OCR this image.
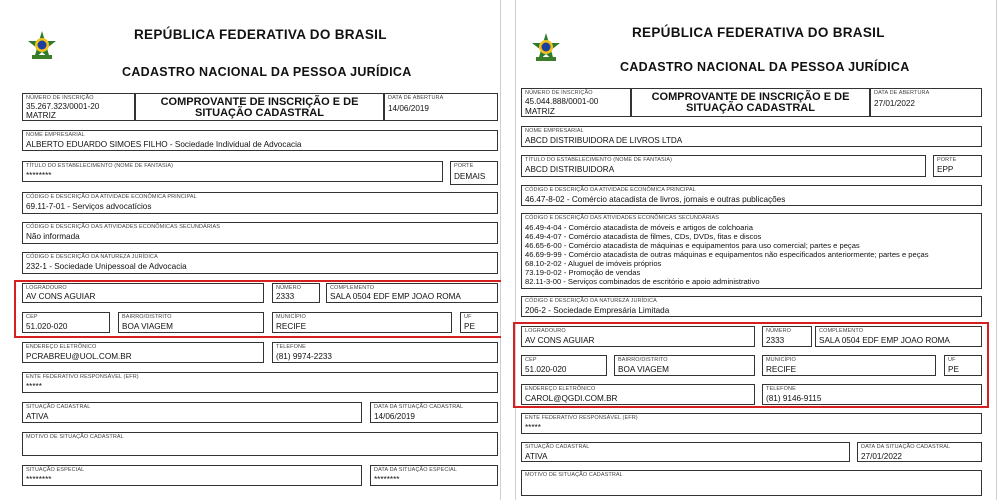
REPÚBLICA FEDERATIVA DO BRASIL
CADASTRO NACIONAL DA PESSOA JURÍDICA
NÚMERO DE INSCRIÇÃO
35.267.323/0001-20
MATRIZ
COMPROVANTE DE INSCRIÇÃO E DE SITUAÇÃO CADASTRAL
DATA DE ABERTURA
14/06/2019
NOME EMPRESARIAL
ALBERTO EDUARDO SIMOES FILHO - Sociedade Individual de Advocacia
TÍTULO DO ESTABELECIMENTO (NOME DE FANTASIA)
********
PORTE
DEMAIS
CÓDIGO E DESCRIÇÃO DA ATIVIDADE ECONÔMICA PRINCIPAL
69.11-7-01 - Serviços advocatícios
CÓDIGO E DESCRIÇÃO DAS ATIVIDADES ECONÔMICAS SECUNDÁRIAS
Não informada
CÓDIGO E DESCRIÇÃO DA NATUREZA JURÍDICA
232-1 - Sociedade Unipessoal de Advocacia
LOGRADOURO
AV CONS AGUIAR
NÚMERO
2333
COMPLEMENTO
SALA 0504 EDF EMP JOAO ROMA
CEP
51.020-020
BAIRRO/DISTRITO
BOA VIAGEM
MUNICÍPIO
RECIFE
UF
PE
ENDEREÇO ELETRÔNICO
PCRABREU@UOL.COM.BR
TELEFONE
(81) 9974-2233
ENTE FEDERATIVO RESPONSÁVEL (EFR)
*****
SITUAÇÃO CADASTRAL
ATIVA
DATA DA SITUAÇÃO CADASTRAL
14/06/2019
MOTIVO DE SITUAÇÃO CADASTRAL
SITUAÇÃO ESPECIAL
********
DATA DA SITUAÇÃO ESPECIAL
********
REPÚBLICA FEDERATIVA DO BRASIL
CADASTRO NACIONAL DA PESSOA JURÍDICA
NÚMERO DE INSCRIÇÃO
45.044.888/0001-00
MATRIZ
COMPROVANTE DE INSCRIÇÃO E DE SITUAÇÃO CADASTRAL
DATA DE ABERTURA
27/01/2022
NOME EMPRESARIAL
ABCD DISTRIBUIDORA DE LIVROS LTDA
TÍTULO DO ESTABELECIMENTO (NOME DE FANTASIA)
ABCD DISTRIBUIDORA
PORTE
EPP
CÓDIGO E DESCRIÇÃO DA ATIVIDADE ECONÔMICA PRINCIPAL
46.47-8-02 - Comércio atacadista de livros, jornais e outras publicações
CÓDIGO E DESCRIÇÃO DAS ATIVIDADES ECONÔMICAS SECUNDÁRIAS
46.49-4-04 - Comércio atacadista de móveis e artigos de colchoaria
46.49-4-07 - Comércio atacadista de filmes, CDs, DVDs, fitas e discos
46.65-6-00 - Comércio atacadista de máquinas e equipamentos para uso comercial; partes e peças
46.69-9-99 - Comércio atacadista de outras máquinas e equipamentos não especificados anteriormente; partes e peças
68.10-2-02 - Aluguel de imóveis próprios
73.19-0-02 - Promoção de vendas
82.11-3-00 - Serviços combinados de escritório e apoio administrativo
CÓDIGO E DESCRIÇÃO DA NATUREZA JURÍDICA
206-2 - Sociedade Empresária Limitada
LOGRADOURO
AV CONS AGUIAR
NÚMERO
2333
COMPLEMENTO
SALA 0504 EDF EMP JOAO ROMA
CEP
51.020-020
BAIRRO/DISTRITO
BOA VIAGEM
MUNICÍPIO
RECIFE
UF
PE
ENDEREÇO ELETRÔNICO
CAROL@QGDI.COM.BR
TELEFONE
(81) 9146-9115
ENTE FEDERATIVO RESPONSÁVEL (EFR)
*****
SITUAÇÃO CADASTRAL
ATIVA
DATA DA SITUAÇÃO CADASTRAL
27/01/2022
MOTIVO DE SITUAÇÃO CADASTRAL
